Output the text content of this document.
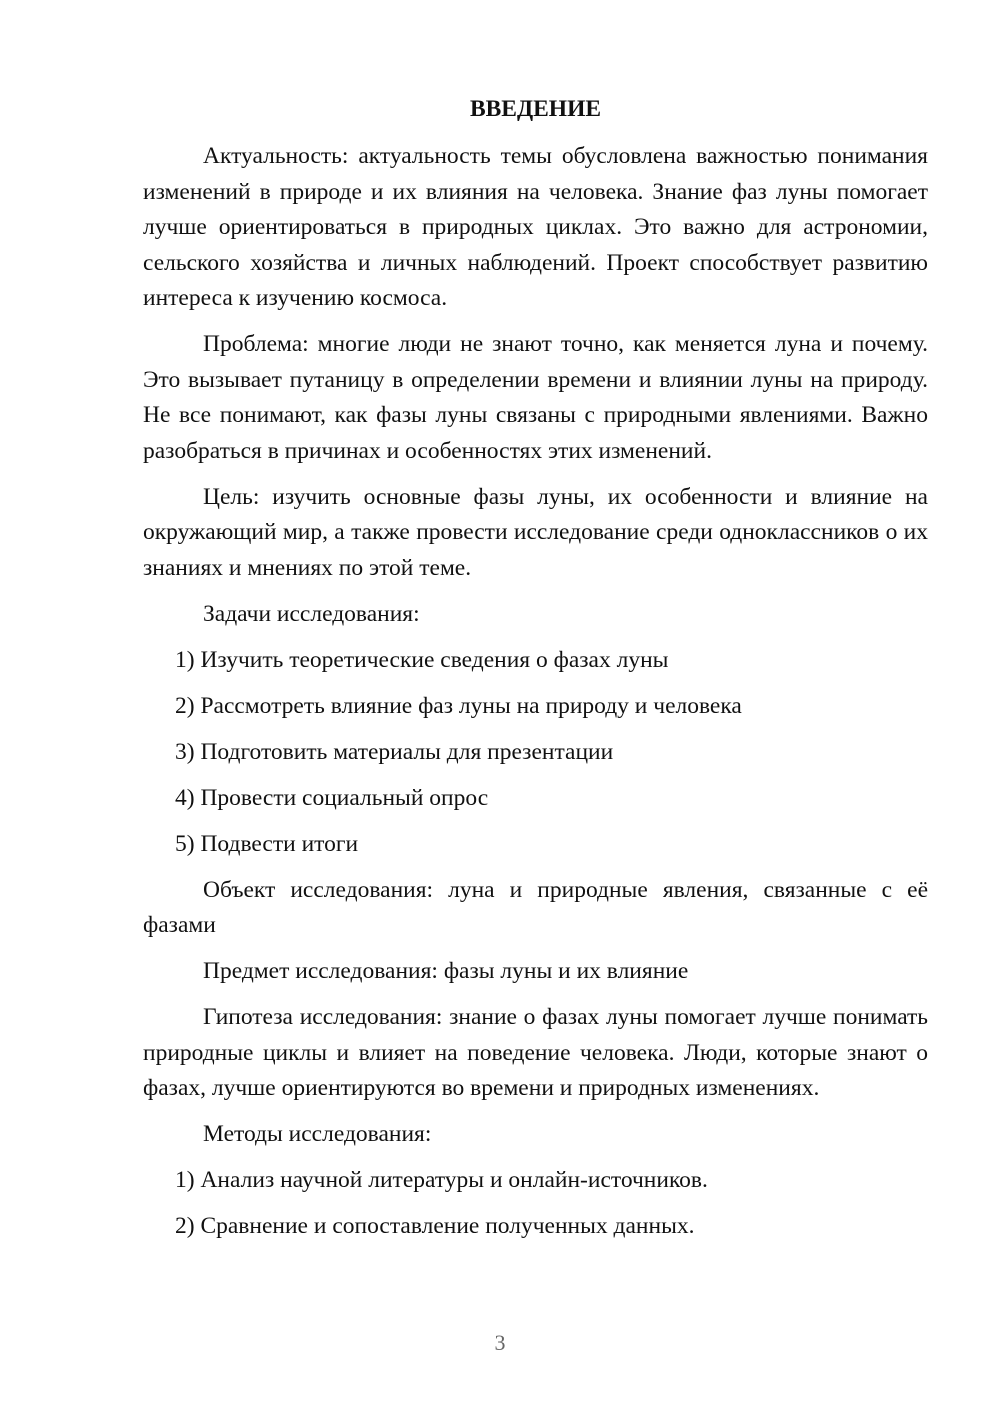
ВВЕДЕНИЕ

Актуальность: актуальность темы обусловлена важностью понимания изменений в природе и их влияния на человека. Знание фаз луны помогает лучше ориентироваться в природных циклах. Это важно для астрономии, сельского хозяйства и личных наблюдений. Проект способствует развитию интереса к изучению космоса.

Проблема: многие люди не знают точно, как меняется луна и почему. Это вызывает путаницу в определении времени и влиянии луны на природу. Не все понимают, как фазы луны связаны с природными явлениями. Важно разобраться в причинах и особенностях этих изменений.

Цель: изучить основные фазы луны, их особенности и влияние на окружающий мир, а также провести исследование среди одноклассников о их знаниях и мнениях по этой теме.

Задачи исследования:

1) Изучить теоретические сведения о фазах луны
2) Рассмотреть влияние фаз луны на природу и человека
3) Подготовить материалы для презентации
4) Провести социальный опрос
5) Подвести итоги

Объект исследования: луна и природные явления, связанные с её фазами

Предмет исследования: фазы луны и их влияние

Гипотеза исследования: знание о фазах луны помогает лучше понимать природные циклы и влияет на поведение человека. Люди, которые знают о фазах, лучше ориентируются во времени и природных изменениях.

Методы исследования:

1) Анализ научной литературы и онлайн-источников.
2) Сравнение и сопоставление полученных данных.
3
